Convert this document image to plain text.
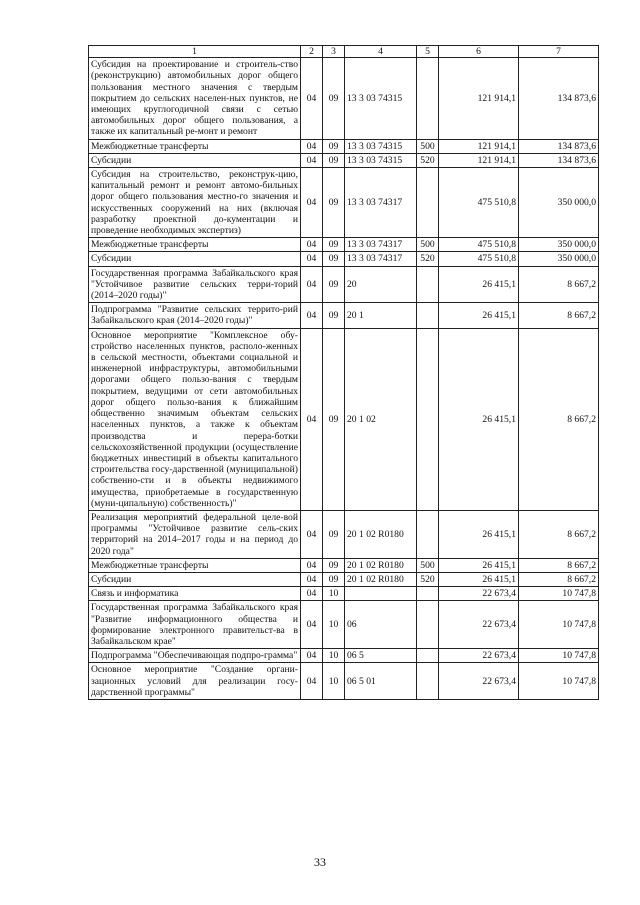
1	2	3	4	5	6	7
Субсидия на проектирование и строитель-ство (реконструкцию) автомобильных дорог общего пользования местного значения с твердым покрытием до сельских населен-ных пунктов, не имеющих круглогодичной связи с сетью автомобильных дорог общего пользования, а также их капитальный ре-монт и ремонт	04	09	13 3 03 74315		121 914,1	134 873,6
Межбюджетные трансферты	04	09	13 3 03 74315	500	121 914,1	134 873,6
Субсидии	04	09	13 3 03 74315	520	121 914,1	134 873,6
Субсидия на строительство, реконструк-цию, капитальный ремонт и ремонт автомо-бильных дорог общего пользования местно-го значения и искусственных сооружений на них (включая разработку проектной до-кументации и проведение необходимых экспертиз)	04	09	13 3 03 74317		475 510,8	350 000,0
Межбюджетные трансферты	04	09	13 3 03 74317	500	475 510,8	350 000,0
Субсидии	04	09	13 3 03 74317	520	475 510,8	350 000,0
Государственная программа Забайкальского края "Устойчивое развитие сельских терри-торий (2014–2020 годы)"	04	09	20		26 415,1	8 667,2
Подпрограмма "Развитие сельских террито-рий Забайкальского края (2014–2020 годы)"	04	09	20 1		26 415,1	8 667,2
Основное мероприятие "Комплексное обу-стройство населенных пунктов, располо-женных в сельской местности, объектами социальной и инженерной инфраструктуры, автомобильными дорогами общего пользо-вания с твердым покрытием, ведущими от сети автомобильных дорог общего пользо-вания к ближайшим общественно значимым объектам сельских населенных пунктов, а также к объектам производства и перера-ботки сельскохозяйственной продукции (осуществление бюджетных инвестиций в объекты капитального строительства госу-дарственной (муниципальной) собственно-сти и в объекты недвижимого имущества, приобретаемые в государственную (муни-ципальную) собственность)"	04	09	20 1 02		26 415,1	8 667,2
Реализация мероприятий федеральной целе-вой программы "Устойчивое развитие сель-ских территорий на 2014–2017 годы и на период до 2020 года"	04	09	20 1 02 R0180		26 415,1	8 667,2
Межбюджетные трансферты	04	09	20 1 02 R0180	500	26 415,1	8 667,2
Субсидии	04	09	20 1 02 R0180	520	26 415,1	8 667,2
Связь и информатика	04	10			22 673,4	10 747,8
Государственная программа Забайкальского края "Развитие информационного общества и формирование электронного правительст-ва в Забайкальском крае"	04	10	06		22 673,4	10 747,8
Подпрограмма "Обеспечивающая подпро-грамма"	04	10	06 5		22 673,4	10 747,8
Основное мероприятие "Создание органи-зационных условий для реализации госу-дарственной программы"	04	10	06 5 01		22 673,4	10 747,8
33
